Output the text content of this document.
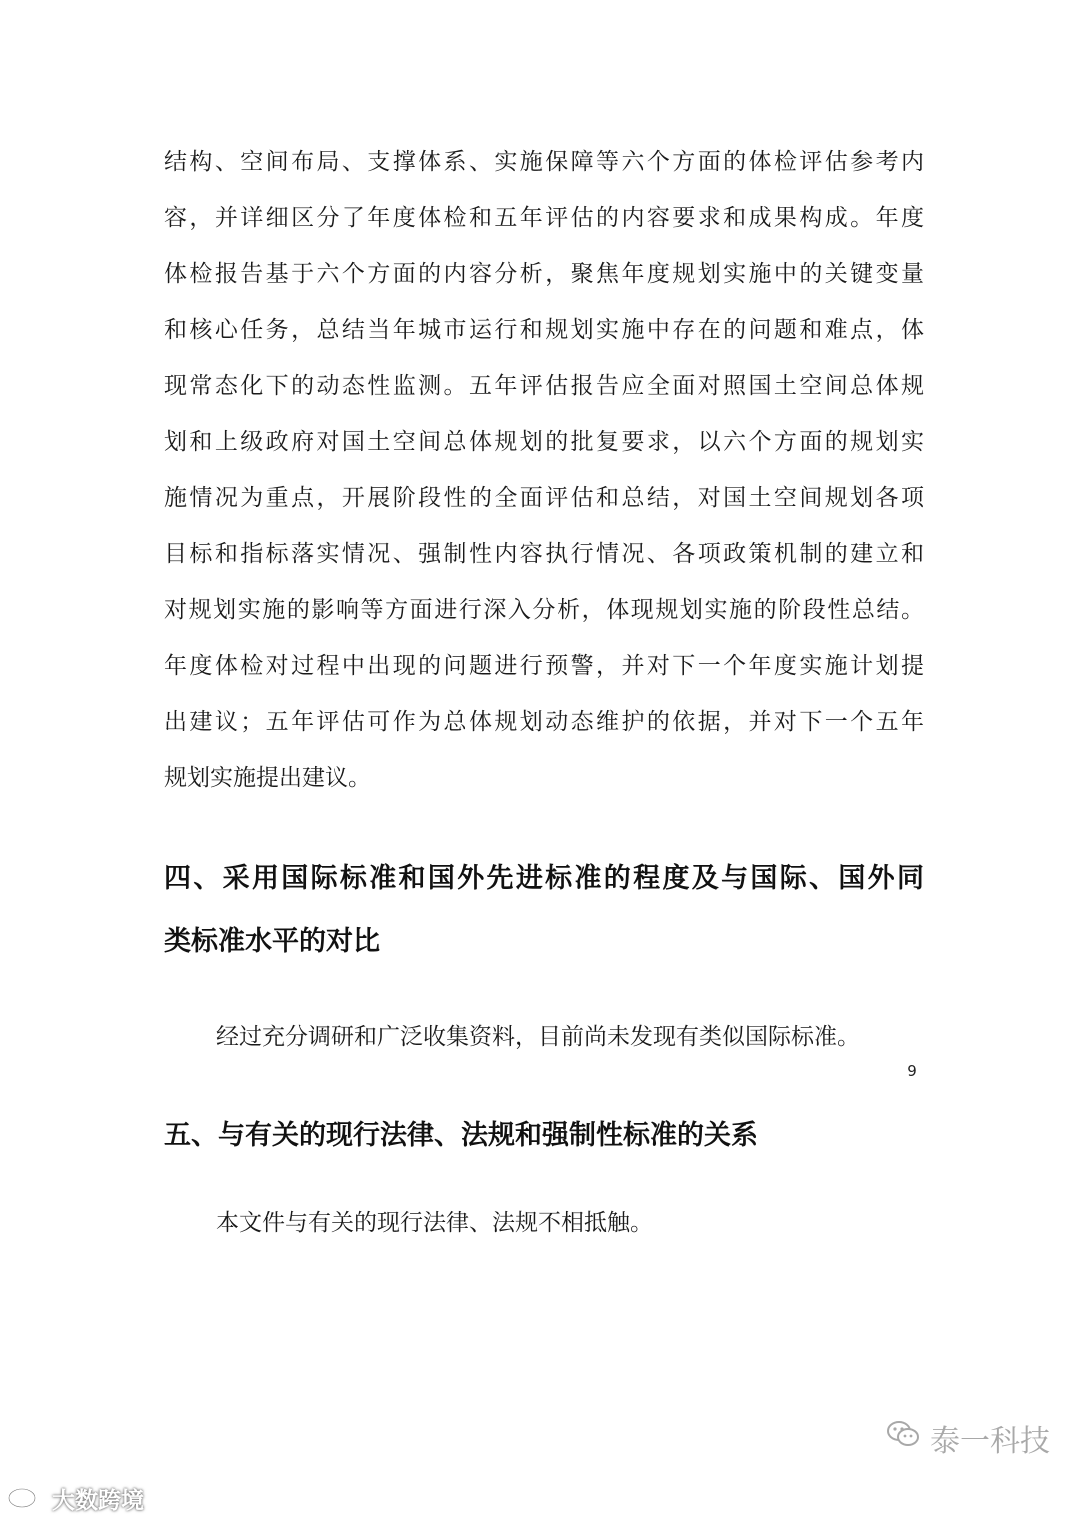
结构、空间布局、支撑体系、实施保障等六个方面的体检评估参考内
容，并详细区分了年度体检和五年评估的内容要求和成果构成。年度
体检报告基于六个方面的内容分析，聚焦年度规划实施中的关键变量
和核心任务，总结当年城市运行和规划实施中存在的问题和难点，体
现常态化下的动态性监测。五年评估报告应全面对照国土空间总体规
划和上级政府对国土空间总体规划的批复要求，以六个方面的规划实
施情况为重点，开展阶段性的全面评估和总结，对国土空间规划各项
目标和指标落实情况、强制性内容执行情况、各项政策机制的建立和
对规划实施的影响等方面进行深入分析，体现规划实施的阶段性总结。
年度体检对过程中出现的问题进行预警，并对下一个年度实施计划提
出建议；五年评估可作为总体规划动态维护的依据，并对下一个五年
规划实施提出建议。
四、采用国际标准和国外先进标准的程度及与国际、国外同
类标准水平的对比
经过充分调研和广泛收集资料，目前尚未发现有类似国际标准。
五、与有关的现行法律、法规和强制性标准的关系
本文件与有关的现行法律、法规不相抵触。
9
泰一科技
大数跨境
